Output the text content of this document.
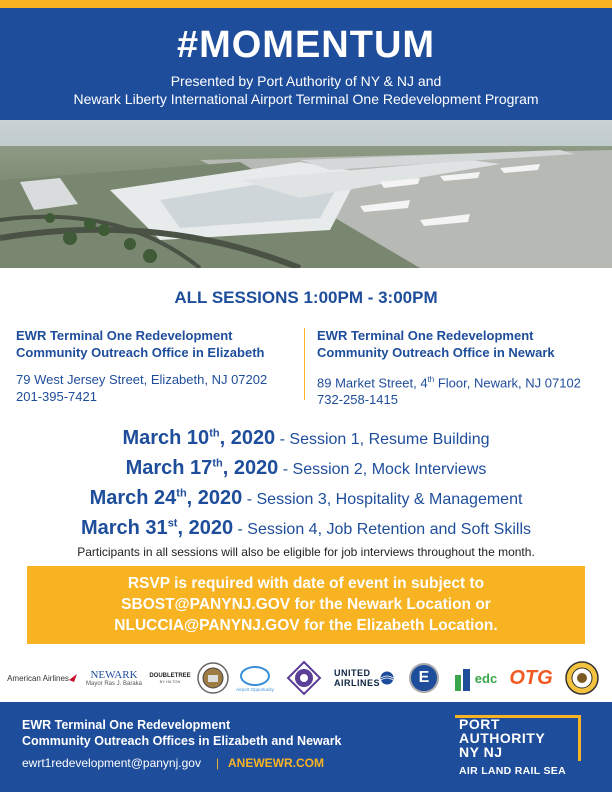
#MOMENTUM
Presented by Port Authority of NY & NJ and
Newark Liberty International Airport Terminal One Redevelopment Program
ALL SESSIONS 1:00PM - 3:00PM
EWR Terminal One Redevelopment
Community Outreach Office in Elizabeth
79 West Jersey Street, Elizabeth, NJ 07202
201-395-7421
EWR Terminal One Redevelopment
Community Outreach Office in Newark
89 Market Street, 4th Floor, Newark, NJ 07102
732-258-1415
March 10th, 2020 - Session 1, Resume Building
March 17th, 2020 - Session 2, Mock Interviews
March 24th, 2020 - Session 3, Hospitality & Management
March 31st, 2020 - Session 4, Job Retention and Soft Skills
Participants in all sessions will also be eligible for job interviews throughout the month.
RSVP is required with date of event in subject to
SBOST@PANYNJ.GOV for the Newark Location or
NLUCCIA@PANYNJ.GOV for the Elizabeth Location.
American Airlines NEWARK
Mayor Ras J. Baraka
DOUBLETREE
BY HILTON
Airport Opportunity
UNITED
AIRLINES E	edc OTG
EWR Terminal One Redevelopment
Community Outreach Offices in Elizabeth and Newark
ewrt1redevelopment@panynj.gov | ANEWEWR.COM
PORT
AUTHORITY
NY NJ
AIR LAND RAIL SEA
